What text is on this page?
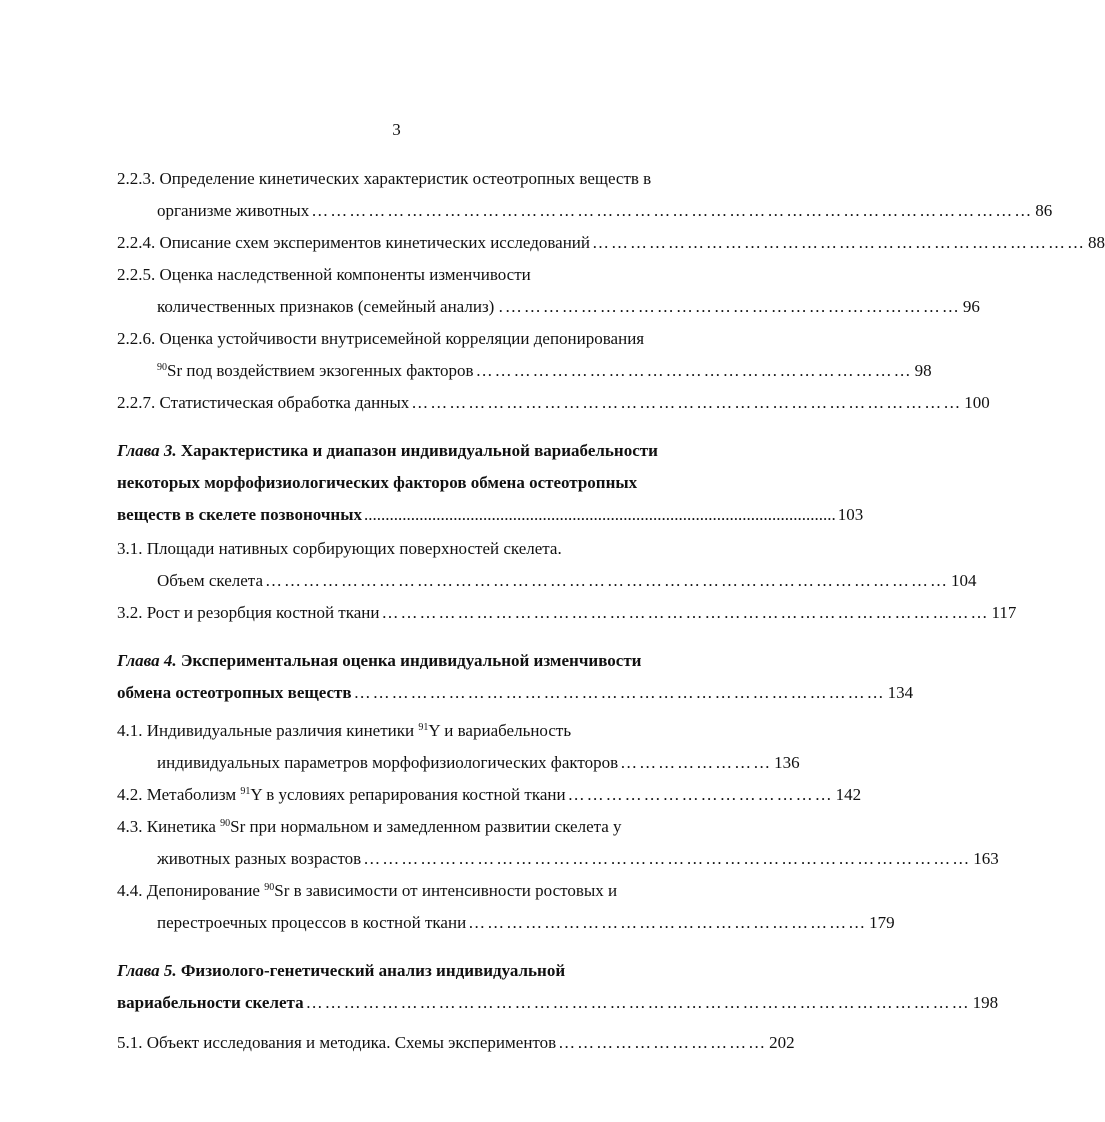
3
2.2.3. Определение кинетических характеристик остеотропных веществ в
организме животных …………………………………………………………………………………………………… 86
2.2.4. Описание схем экспериментов кинетических исследований …………………………………………………………………… 88
2.2.5. Оценка наследственной компоненты изменчивости
количественных признаков (семейный анализ) . ……………………………………………………………… 96
2.2.6. Оценка устойчивости внутрисемейной корреляции депонирования
$^{90}$Sr под воздействием экзогенных факторов …………………………………………………………… 98
2.2.7. Статистическая обработка данных …………………………………………………………………………… 100
Глава 3. Характеристика и диапазон индивидуальной вариабельности
некоторых морфофизиологических факторов обмена остеотропных
веществ в скелете позвоночных ............................................................................................................... 103
3.1. Площади нативных сорбирующих поверхностей скелета.
Объем скелета ……………………………………………………………………………………………… 104
3.2. Рост и резорбция костной ткани …………………………………………………………………………………… 117
Глава 4. Экспериментальная оценка индивидуальной изменчивости
обмена остеотропных веществ ………………………………………………………………………… 134
4.1. Индивидуальные различия кинетики $^{91}$Y и вариабельность
индивидуальных параметров морфофизиологических факторов …………………… 136
4.2. Метаболизм $^{91}$Y в условиях репарирования костной ткани …………………………………… 142
4.3. Кинетика $^{90}$Sr при нормальном и замедленном развитии скелета у
животных разных возрастов …………………………………………………………………………………… 163
4.4. Депонирование $^{90}$Sr в зависимости от интенсивности ростовых и
перестроечных процессов в костной ткани ……………………………………………………… 179
Глава 5. Физиолого-генетический анализ индивидуальной
вариабельности скелета …………………………………………………………………………………………… 198
5.1. Объект исследования и методика. Схемы экспериментов …………………………… 202
